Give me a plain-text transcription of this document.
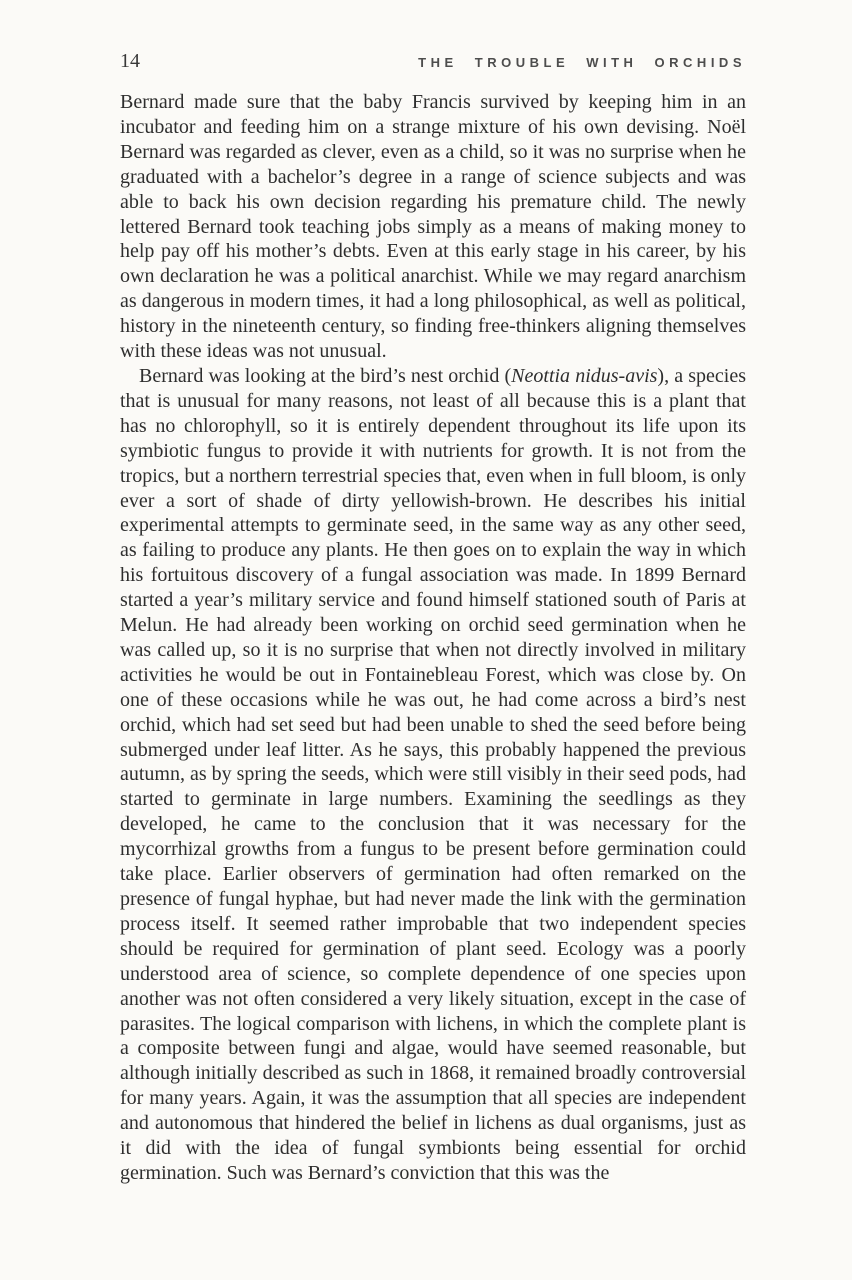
14	THE TROUBLE WITH ORCHIDS

Bernard made sure that the baby Francis survived by keeping him in an incubator and feeding him on a strange mixture of his own devising. Noël Bernard was regarded as clever, even as a child, so it was no surprise when he graduated with a bachelor’s degree in a range of science subjects and was able to back his own decision regarding his premature child. The newly lettered Bernard took teaching jobs simply as a means of making money to help pay off his mother’s debts. Even at this early stage in his career, by his own declaration he was a political anarchist. While we may regard anarchism as dangerous in modern times, it had a long philosophical, as well as political, history in the nineteenth century, so finding free-thinkers aligning themselves with these ideas was not unusual.

Bernard was looking at the bird’s nest orchid (Neottia nidus-avis), a species that is unusual for many reasons, not least of all because this is a plant that has no chlorophyll, so it is entirely dependent throughout its life upon its symbiotic fungus to provide it with nutrients for growth. It is not from the tropics, but a northern terrestrial species that, even when in full bloom, is only ever a sort of shade of dirty yellowish-brown. He describes his initial experimental attempts to germinate seed, in the same way as any other seed, as failing to produce any plants. He then goes on to explain the way in which his fortuitous discovery of a fungal association was made. In 1899 Bernard started a year’s military service and found himself stationed south of Paris at Melun. He had already been working on orchid seed germination when he was called up, so it is no surprise that when not directly involved in military activities he would be out in Fontainebleau Forest, which was close by. On one of these occasions while he was out, he had come across a bird’s nest orchid, which had set seed but had been unable to shed the seed before being submerged under leaf litter. As he says, this probably happened the previous autumn, as by spring the seeds, which were still visibly in their seed pods, had started to germinate in large numbers. Examining the seedlings as they developed, he came to the conclusion that it was necessary for the mycorrhizal growths from a fungus to be present before germination could take place. Earlier observers of germination had often remarked on the presence of fungal hyphae, but had never made the link with the germination process itself. It seemed rather improbable that two independent species should be required for germination of plant seed. Ecology was a poorly understood area of science, so complete dependence of one species upon another was not often considered a very likely situation, except in the case of parasites. The logical comparison with lichens, in which the complete plant is a composite between fungi and algae, would have seemed reasonable, but although initially described as such in 1868, it remained broadly controversial for many years. Again, it was the assumption that all species are independent and autonomous that hindered the belief in lichens as dual organisms, just as it did with the idea of fungal symbionts being essential for orchid germination. Such was Bernard’s conviction that this was the
